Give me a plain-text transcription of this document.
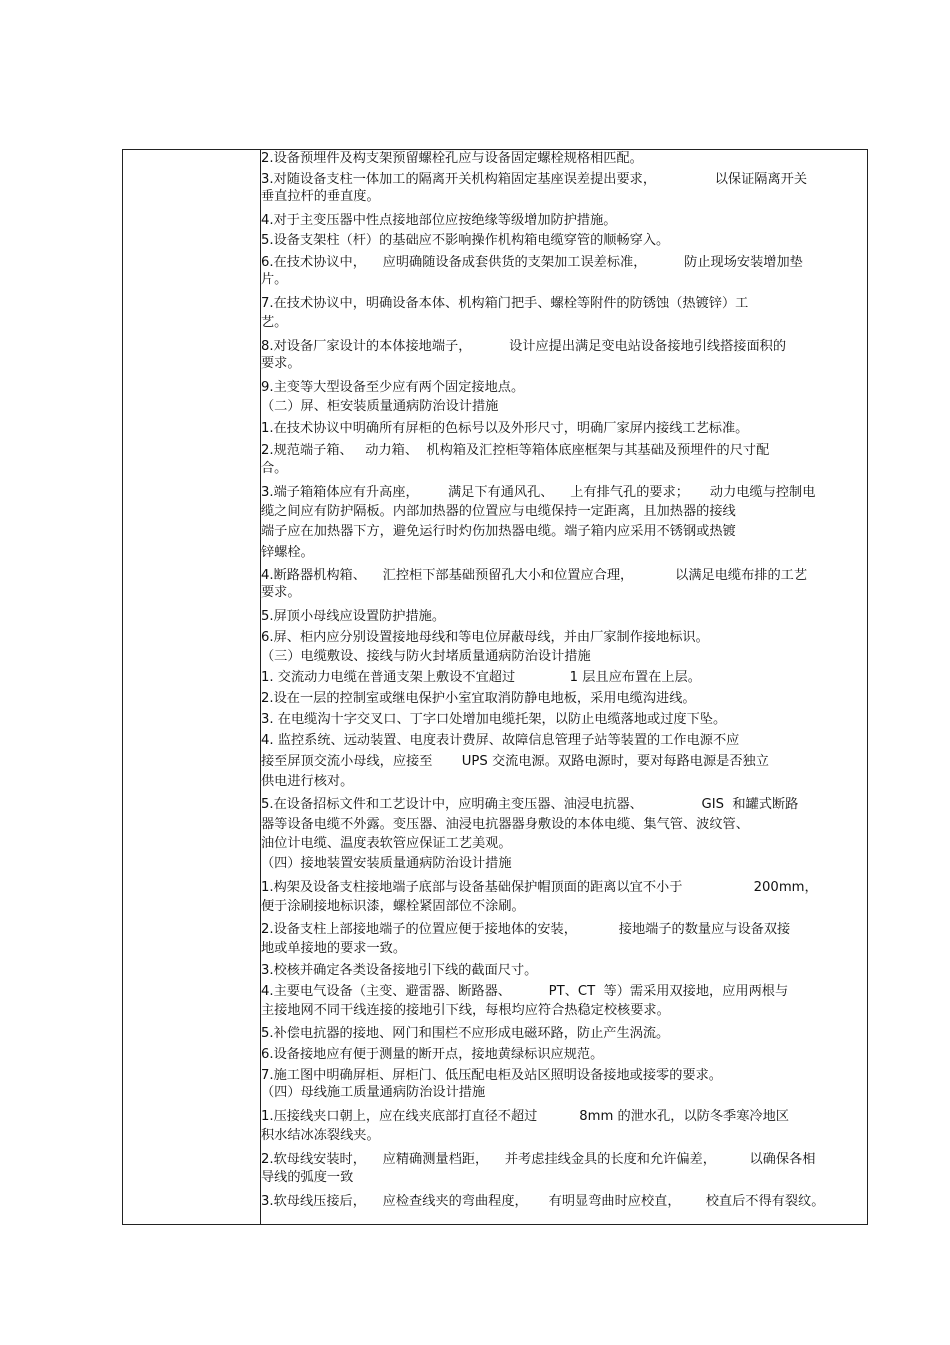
2.设备预埋件及构支架预留螺栓孔应与设备固定螺栓规格相匹配。
3.对随设备支柱一体加工的隔离开关机构箱固定基座误差提出要求，              以保证隔离开关
垂直拉杆的垂直度。
4.对于主变压器中性点接地部位应按绝缘等级增加防护措施。
5.设备支架柱（杆）的基础应不影响操作机构箱电缆穿管的顺畅穿入。
6.在技术协议中，    应明确随设备成套供货的支架加工误差标准，         防止现场安装增加垫
片。
7.在技术协议中，明确设备本体、机构箱门把手、螺栓等附件的防锈蚀（热镀锌）工
艺。
8.对设备厂家设计的本体接地端子，         设计应提出满足变电站设备接地引线搭接面积的
要求。
9.主变等大型设备至少应有两个固定接地点。
（二）屏、柜安装质量通病防治设计措施
1.在技术协议中明确所有屏柜的色标号以及外形尺寸，明确厂家屏内接线工艺标准。
2.规范端子箱、   动力箱、  机构箱及汇控柜等箱体底座框架与其基础及预埋件的尺寸配
合。
3.端子箱箱体应有升高座，       满足下有通风孔、    上有排气孔的要求；     动力电缆与控制电
缆之间应有防护隔板。内部加热器的位置应与电缆保持一定距离，且加热器的接线
端子应在加热器下方，避免运行时灼伤加热器电缆。端子箱内应采用不锈钢或热镀
锌螺栓。
4.断路器机构箱、    汇控柜下部基础预留孔大小和位置应合理，          以满足电缆布排的工艺
要求。
5.屏顶小母线应设置防护措施。
6.屏、柜内应分别设置接地母线和等电位屏蔽母线，并由厂家制作接地标识。
（三）电缆敷设、接线与防火封堵质量通病防治设计措施
1. 交流动力电缆在普通支架上敷设不宜超过             1 层且应布置在上层。
2.设在一层的控制室或继电保护小室宜取消防静电地板，采用电缆沟进线。
3. 在电缆沟十字交叉口、丁字口处增加电缆托架，以防止电缆落地或过度下坠。
4. 监控系统、远动装置、电度表计费屏、故障信息管理子站等装置的工作电源不应
接至屏顶交流小母线，应接至       UPS 交流电源。双路电源时，要对每路电源是否独立
供电进行核对。
5.在设备招标文件和工艺设计中，应明确主变压器、油浸电抗器、              GIS  和罐式断路
器等设备电缆不外露。变压器、油浸电抗器器身敷设的本体电缆、集气管、波纹管、
油位计电缆、温度表软管应保证工艺美观。
（四）接地装置安装质量通病防治设计措施
1.构架及设备支柱接地端子底部与设备基础保护帽顶面的距离以宜不小于                 200mm，
便于涂刷接地标识漆，螺栓紧固部位不涂刷。
2.设备支柱上部接地端子的位置应便于接地体的安装，          接地端子的数量应与设备双接
地或单接地的要求一致。
3.校核并确定各类设备接地引下线的截面尺寸。
4.主要电气设备（主变、避雷器、断路器、         PT、CT  等）需采用双接地，应用两根与
主接地网不同干线连接的接地引下线，每根均应符合热稳定校核要求。
5.补偿电抗器的接地、网门和围栏不应形成电磁环路，防止产生涡流。
6.设备接地应有便于测量的断开点，接地黄绿标识应规范。
7.施工图中明确屏柜、屏柜门、低压配电柜及站区照明设备接地或接零的要求。
（四）母线施工质量通病防治设计措施
1.压接线夹口朝上，应在线夹底部打直径不超过          8mm 的泄水孔，以防冬季寒冷地区
积水结冰冻裂线夹。
2.软母线安装时，    应精确测量档距，    并考虑挂线金具的长度和允许偏差，        以确保各相
导线的弧度一致
3.软母线压接后，    应检查线夹的弯曲程度，     有明显弯曲时应校直，      校直后不得有裂纹。
